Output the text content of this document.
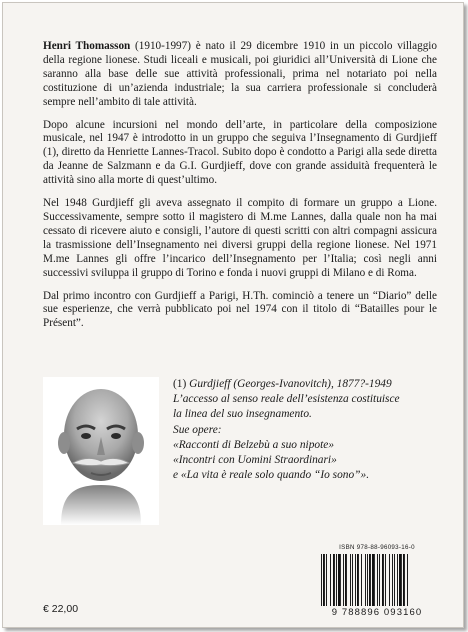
Henri Thomasson (1910-1997) è nato il 29 dicembre 1910 in un piccolo villaggio della regione lionese. Studi liceali e musicali, poi giuridici all’Università di Lione che saranno alla base delle sue attività professionali, prima nel notariato poi nella costituzione di un’azienda industriale; la sua carriera professionale si concluderà sempre nell’ambito di tale attività.

Dopo alcune incursioni nel mondo dell’arte, in particolare della composizione musicale, nel 1947 è introdotto in un gruppo che seguiva l’Insegnamento di Gurdjieff (1), diretto da Henriette Lannes-Tracol. Subito dopo è condotto a Parigi alla sede diretta da Jeanne de Salzmann e da G.I. Gurdjieff, dove con grande assiduità frequenterà le attività sino alla morte di quest’ultimo.

Nel 1948 Gurdjieff gli aveva assegnato il compito di formare un gruppo a Lione. Successivamente, sempre sotto il magistero di M.me Lannes, dalla quale non ha mai cessato di ricevere aiuto e consigli, l’autore di questi scritti con altri compagni assicura la trasmissione dell’Insegnamento nei diversi gruppi della regione lionese. Nel 1971 M.me Lannes gli offre l’incarico dell’Insegnamento per l’Italia; così negli anni successivi sviluppa il gruppo di Torino e fonda i nuovi gruppi di Milano e di Roma.

Dal primo incontro con Gurdjieff a Parigi, H.Th. cominciò a tenere un “Diario” delle sue esperienze, che verrà pubblicato poi nel 1974 con il titolo di “Batailles pour le Présent”.

(1) Gurdjieff (Georges-Ivanovitch), 1877?-1949
L’accesso al senso reale dell’esistenza costituisce
la linea del suo insegnamento.
Sue opere:
«Racconti di Belzebù a suo nipote»
«Incontri con Uomini Straordinari»
e «La vita è reale solo quando “Io sono”».
ISBN 978-88-96093-16-0
9 788896 093160
€ 22,00
